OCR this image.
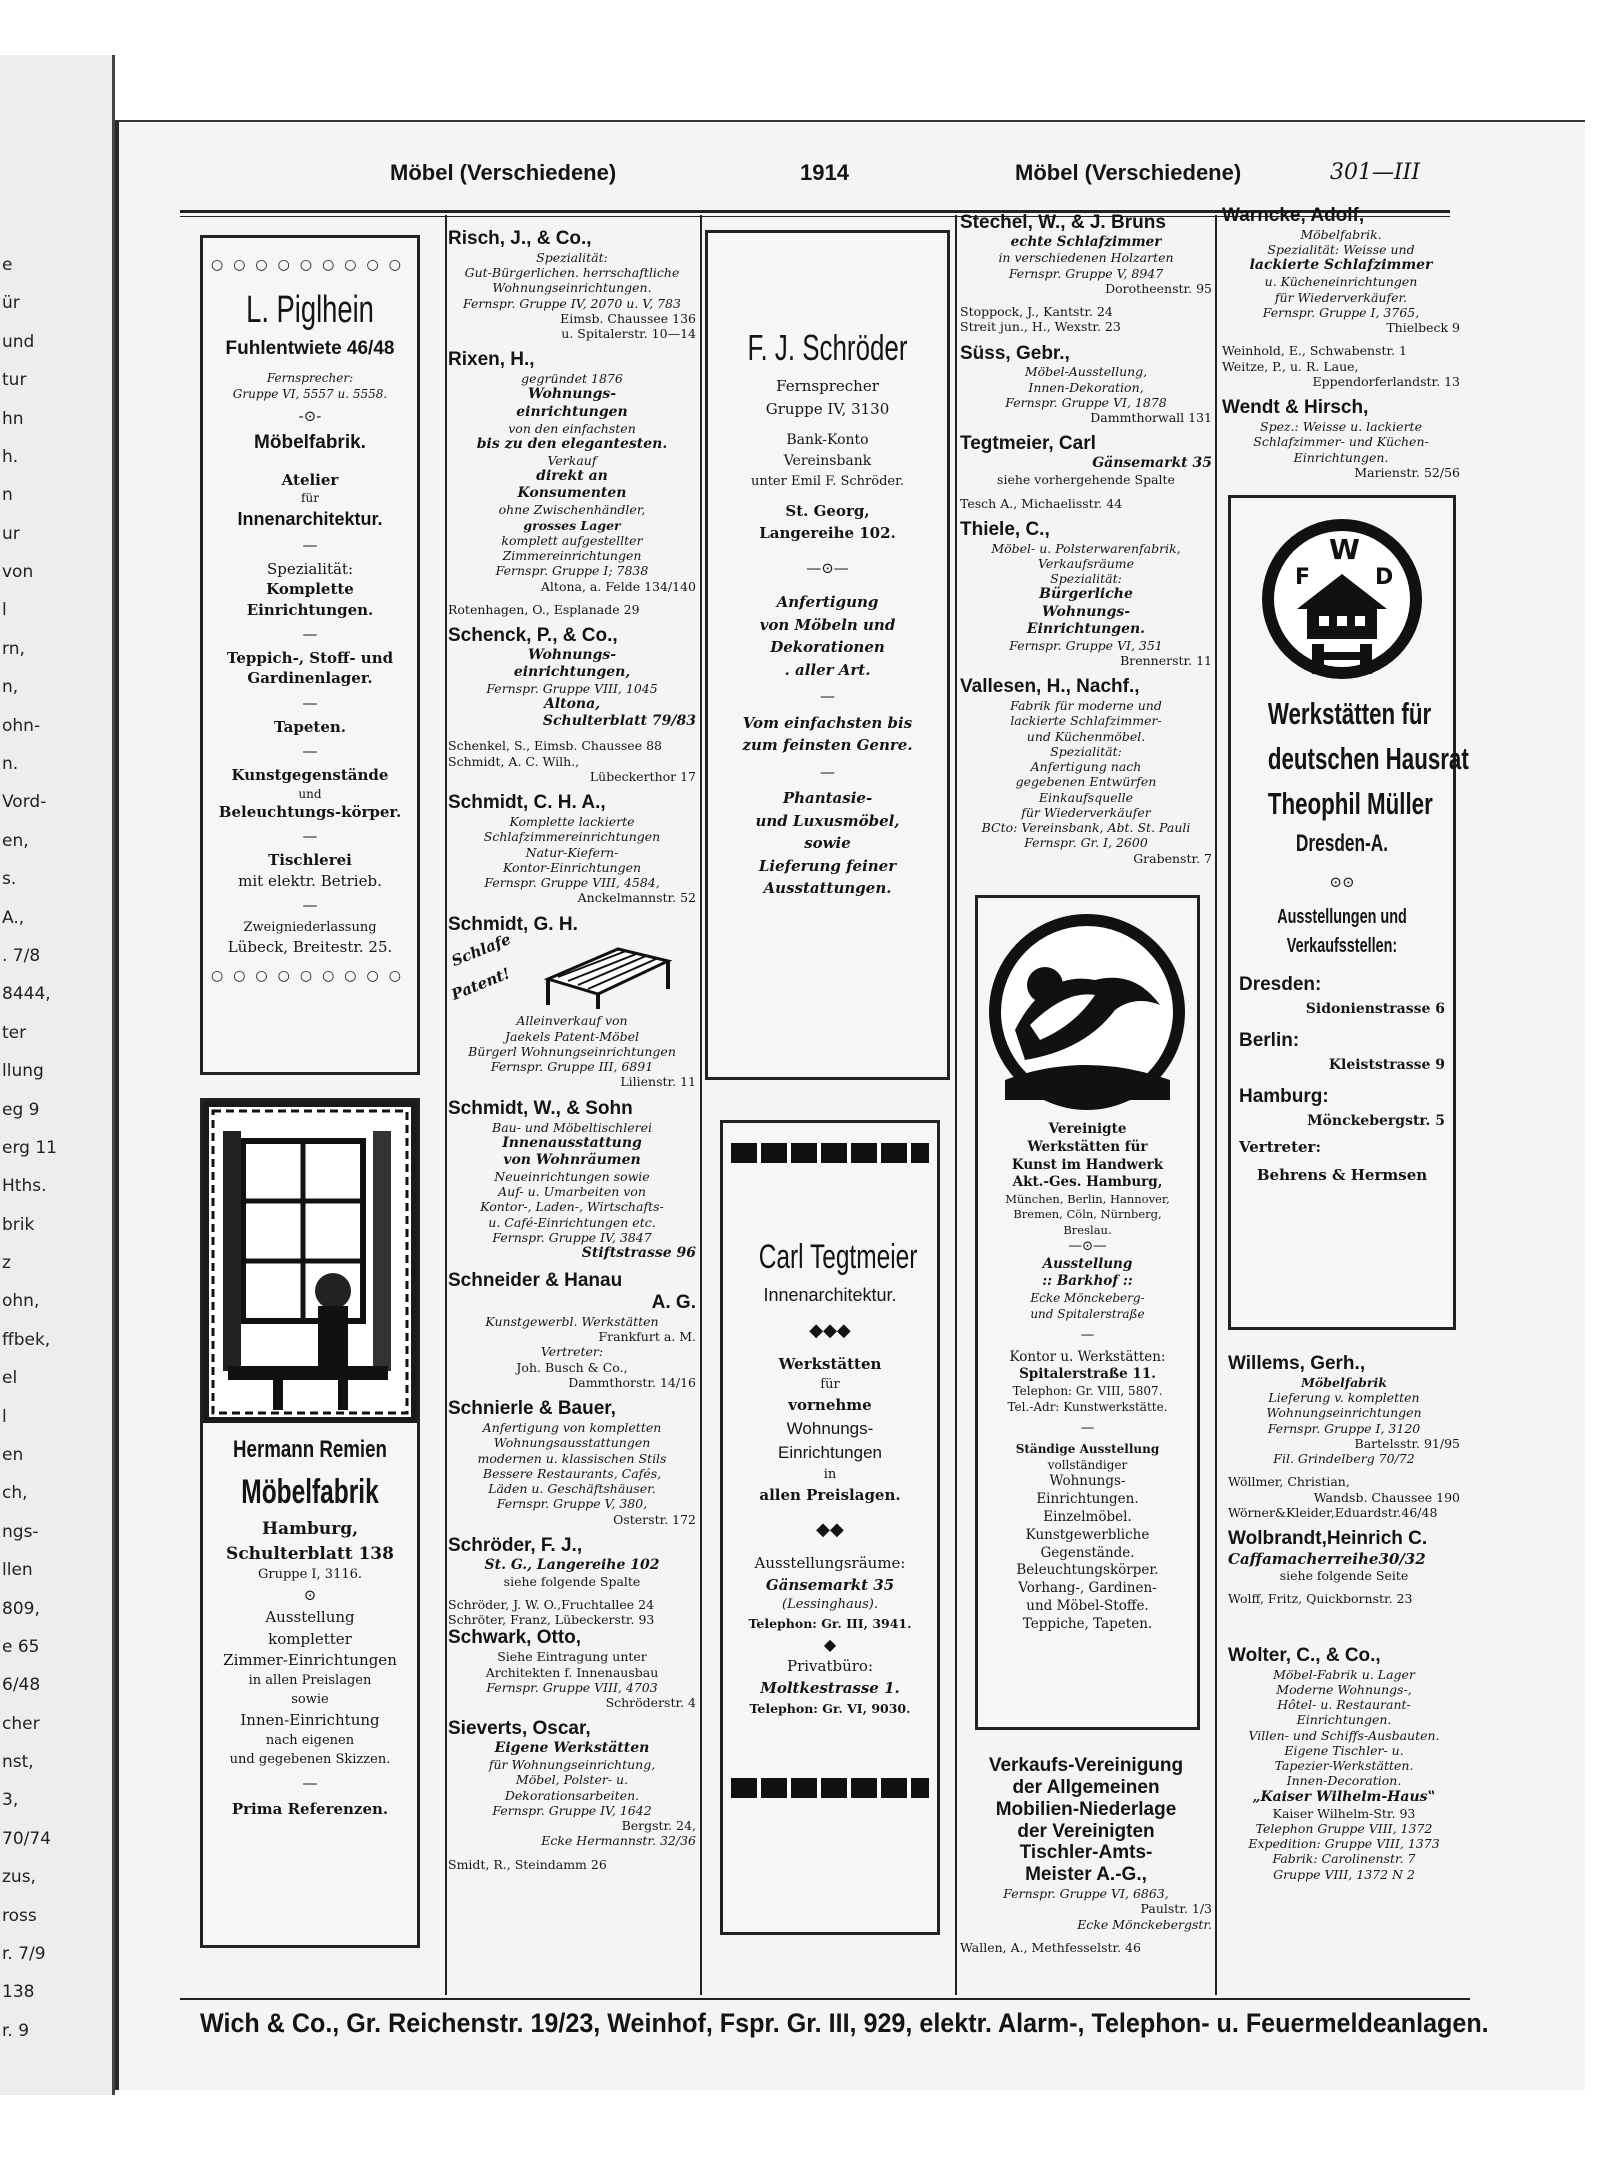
e
ür
und
tur
hn
h.
n
ur
von
l
rn,
n,
ohn-
n.
Vord-
en,
s.
A.,
. 7/8
8444,
ter
llung
eg 9
erg 11
Hths.
brik
z
ohn,
ffbek,
el
l
en
ch,
ngs-
llen
809,
e 65
6/48
cher
nst,
3,
70/74
zus,
ross
r. 7/9
138
r. 9
Möbel (Verschiedene)	1914	Möbel (Verschiedene)	301—III
○○○○○○○○○
L. Piglhein
Fuhlentwiete 46/48
Fernsprecher:
Gruppe VI, 5557 u. 5558.
-⊙-
Möbelfabrik.
Atelier
für
Innenarchitektur.
—
Spezialität:
Komplette Einrichtungen.
—
Teppich-, Stoff- und Gardinenlager.
—
Tapeten.
—
Kunstgegenstände
und
Beleuchtungs-körper.
—
Tischlerei
mit elektr. Betrieb.
—
Zweigniederlassung
Lübeck, Breitestr. 25.
○○○○○○○○○
Hermann Remien
Möbelfabrik
Hamburg,
Schulterblatt 138
Gruppe I, 3116.
⊙
Ausstellung
kompletter
Zimmer-Einrichtungen
in allen Preislagen
sowie
Innen-Einrichtung
nach eigenen
und gegebenen Skizzen.
—
Prima Referenzen.
Risch, J., & Co.,
Spezialität:
Gut-Bürgerlichen. herrschaftliche
Wohnungseinrichtungen.
Fernspr. Gruppe IV, 2070 u. V, 783
Eimsb. Chaussee 136
u. Spitalerstr. 10—14
Rixen, H.,
gegründet 1876
Wohnungs-
einrichtungen
von den einfachsten
bis zu den elegantesten.
Verkauf
direkt an
Konsumenten
ohne Zwischenhändler,
grosses Lager
komplett aufgestellter
Zimmereinrichtungen
Fernspr. Gruppe I; 7838
Altona, a. Felde 134/140
Rotenhagen, O., Esplanade 29
Schenck, P., & Co.,
Wohnungs-
einrichtungen,
Fernspr. Gruppe VIII, 1045
Altona,
Schulterblatt 79/83
Schenkel, S., Eimsb. Chaussee 88
Schmidt, A. C. Wilh.,
Lübeckerthor 17
Schmidt, C. H. A.,
Komplette lackierte
Schlafzimmereinrichtungen
Natur-Kiefern-
Kontor-Einrichtungen
Fernspr. Gruppe VIII, 4584,
Anckelmannstr. 52
Schmidt, G. H.
Schlafe
Patent!
Alleinverkauf von
Jaekels Patent-Möbel
Bürgerl Wohnungseinrichtungen
Fernspr. Gruppe III, 6891
Lilienstr. 11
Schmidt, W., & Sohn
Bau- und Möbeltischlerei
Innenausstattung
von Wohnräumen
Neueinrichtungen sowie
Auf- u. Umarbeiten von
Kontor-, Laden-, Wirtschafts-
u. Café-Einrichtungen etc.
Fernspr. Gruppe IV, 3847
Stiftstrasse 96
Schneider & Hanau
A. G.
Kunstgewerbl. Werkstätten
Frankfurt a. M.
Vertreter:
Joh. Busch & Co.,
Dammthorstr. 14/16
Schnierle & Bauer,
Anfertigung von kompletten
Wohnungsausstattungen
modernen u. klassischen Stils
Bessere Restaurants, Cafés,
Läden u. Geschäftshäuser.
Fernspr. Gruppe V, 380,
Osterstr. 172
Schröder, F. J.,
St. G., Langereihe 102
siehe folgende Spalte
Schröder, J. W. O.,Fruchtallee 24
Schröter, Franz, Lübeckerstr. 93
Schwark, Otto,
Siehe Eintragung unter
Architekten f. Innenausbau
Fernspr. Gruppe VIII, 4703
Schröderstr. 4
Sieverts, Oscar,
Eigene Werkstätten
für Wohnungseinrichtung,
Möbel, Polster- u.
Dekorationsarbeiten.
Fernspr. Gruppe IV, 1642
Bergstr. 24,
Ecke Hermannstr. 32/36
Smidt, R., Steindamm 26
F. J. Schröder
Fernsprecher
Gruppe IV, 3130
Bank-Konto
Vereinsbank
unter Emil F. Schröder.
St. Georg,
Langereihe 102.
—⊙—
Anfertigung
von Möbeln und
Dekorationen
. aller Art.
—
Vom einfachsten bis
zum feinsten Genre.
—
Phantasie-
und Luxusmöbel,
sowie
Lieferung feiner
Ausstattungen.
Carl Tegtmeier
Innenarchitektur.
◆◆◆
Werkstätten
für
vornehme
Wohnungs-
Einrichtungen
in
allen Preislagen.
◆◆
Ausstellungsräume:
Gänsemarkt 35
(Lessinghaus).
Telephon: Gr. III, 3941.
◆
Privatbüro:
Moltkestrasse 1.
Telephon: Gr. VI, 9030.
Stechel, W., & J. Bruns
echte Schlafzimmer
in verschiedenen Holzarten
Fernspr. Gruppe V, 8947
Dorotheenstr. 95
Stoppock, J., Kantstr. 24
Streit jun., H., Wexstr. 23
Süss, Gebr.,
Möbel-Ausstellung,
Innen-Dekoration,
Fernspr. Gruppe VI, 1878
Dammthorwall 131
Tegtmeier, Carl
Gänsemarkt 35
siehe vorhergehende Spalte
Tesch A., Michaelisstr. 44
Thiele, C.,
Möbel- u. Polsterwarenfabrik,
Verkaufsräume
Spezialität:
Bürgerliche
Wohnungs-
Einrichtungen.
Fernspr. Gruppe VI, 351
Brennerstr. 11
Vallesen, H., Nachf.,
Fabrik für moderne und
lackierte Schlafzimmer-
und Küchenmöbel.
Spezialität:
Anfertigung nach
gegebenen Entwürfen
Einkaufsquelle
für Wiederverkäufer
BCto: Vereinsbank, Abt. St. Pauli
Fernspr. Gr. I, 2600
Grabenstr. 7
Vereinigte
Werkstätten für
Kunst im Handwerk
Akt.-Ges. Hamburg,
München, Berlin, Hannover,
Bremen, Cöln, Nürnberg,
Breslau.
—⊙—
Ausstellung
:: Barkhof ::
Ecke Mönckeberg-
und Spitalerstraße
—
Kontor u. Werkstätten:
Spitalerstraße 11.
Telephon: Gr. VIII, 5807.
Tel.-Adr: Kunstwerkstätte.
—
Ständige Ausstellung
vollständiger
Wohnungs-
Einrichtungen.
Einzelmöbel.
Kunstgewerbliche
Gegenstände.
Beleuchtungskörper.
Vorhang-, Gardinen-
und Möbel-Stoffe.
Teppiche, Tapeten.
Verkaufs-Vereinigung
der Allgemeinen
Mobilien-Niederlage
der Vereinigten
Tischler-Amts-
Meister A.-G.,
Fernspr. Gruppe VI, 6863,
Paulstr. 1/3
Ecke Mönckebergstr.
Wallen, A., Methfesselstr. 46
Warncke, Adolf,
Möbelfabrik.
Spezialität: Weisse und
lackierte Schlafzimmer
u. Kücheneinrichtungen
für Wiederverkäufer.
Fernspr. Gruppe I, 3765,
Thielbeck 9
Weinhold, E., Schwabenstr. 1
Weitze, P., u. R. Laue,
Eppendorferlandstr. 13
Wendt & Hirsch,
Spez.: Weisse u. lackierte
Schlafzimmer- und Küchen-
Einrichtungen.
Marienstr. 52/56
F
W
D
Werkstätten für
deutschen Hausrat
Theophil Müller
Dresden-A.
⊙⊙
Ausstellungen und
Verkaufsstellen:
Dresden:
Sidonienstrasse 6
Berlin:
Kleiststrasse 9
Hamburg:
Mönckebergstr. 5
Vertreter:
Behrens & Hermsen
Willems, Gerh.,
Möbelfabrik
Lieferung v. kompletten
Wohnungseinrichtungen
Fernspr. Gruppe I, 3120
Bartelsstr. 91/95
Fil. Grindelberg 70/72
Wöllmer, Christian,
Wandsb. Chaussee 190
Wörner&Kleider,Eduardstr.46/48
Wolbrandt,Heinrich C.
Caffamacherreihe30/32
siehe folgende Seite
Wolff, Fritz, Quickbornstr. 23
Wolter, C., & Co.,
Möbel-Fabrik u. Lager
Moderne Wohnungs-,
Hôtel- u. Restaurant-
Einrichtungen.
Villen- und Schiffs-Ausbauten.
Eigene Tischler- u.
Tapezier-Werkstätten.
Innen-Decoration.
„Kaiser Wilhelm-Haus‟
Kaiser Wilhelm-Str. 93
Telephon Gruppe VIII, 1372
Expedition: Gruppe VIII, 1373
Fabrik: Carolinenstr. 7
Gruppe VIII, 1372 N 2
Wich & Co., Gr. Reichenstr. 19/23, Weinhof, Fspr. Gr. III, 929, elektr. Alarm-, Telephon- u. Feuermeldeanlagen.
